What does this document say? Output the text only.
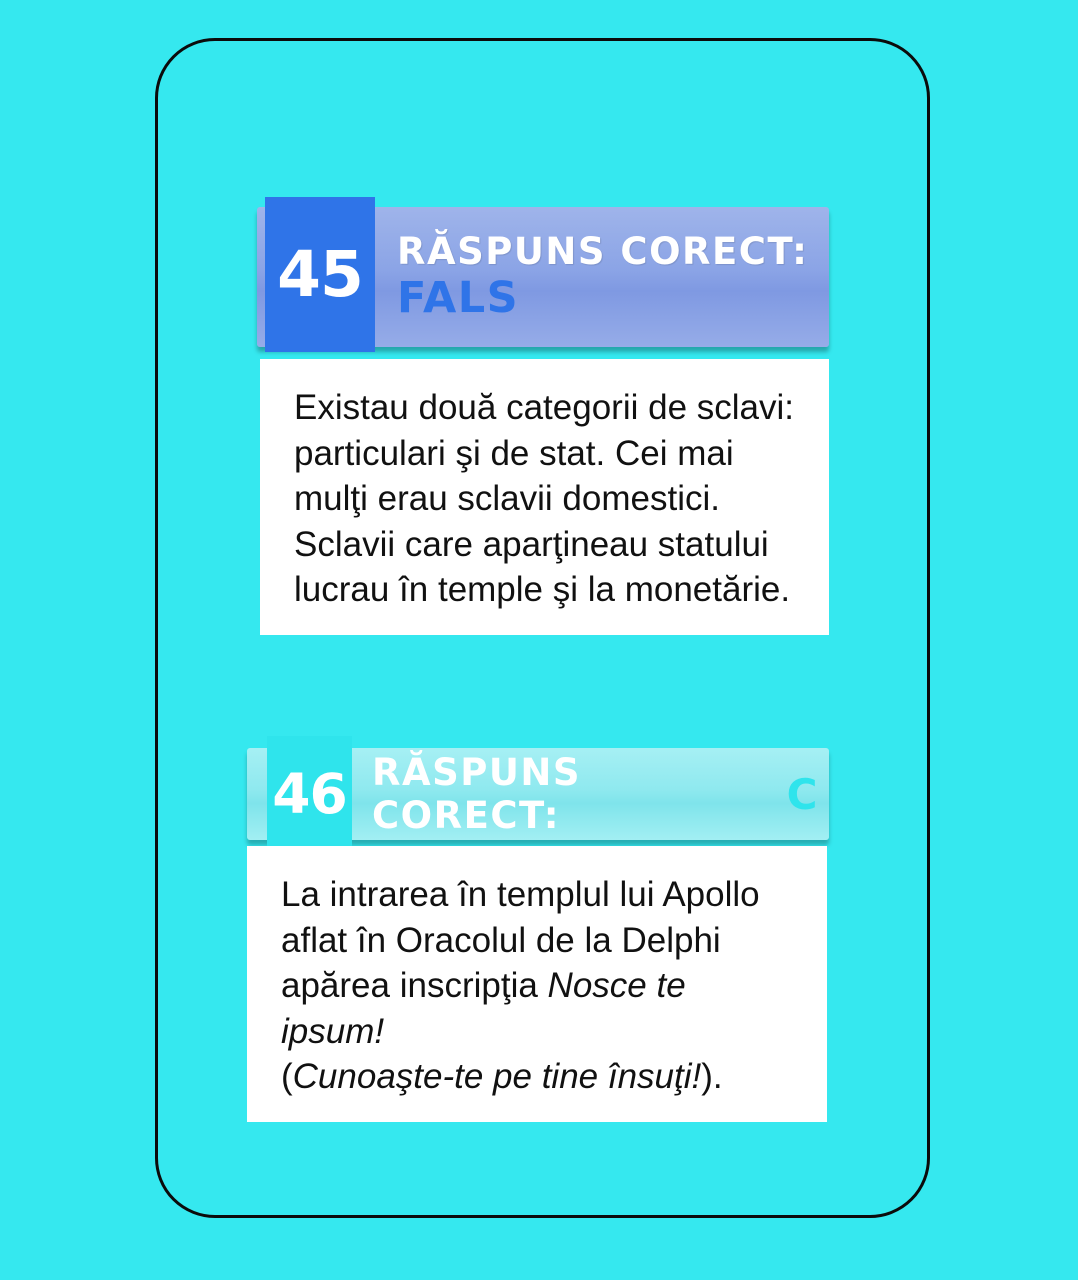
45 RĂSPUNS CORECT:
FALS

Existau două categorii de sclavi:

particulari şi de stat. Cei mai

mulţi erau sclavii domestici.

Sclavii care aparţineau statului

lucrau în temple şi la monetărie.

46 RĂSPUNS CORECT:	C

La intrarea în templul lui Apollo

aflat în Oracolul de la Delphi

apărea inscripţia Nosce te ipsum!

(Cunoaşte-te pe tine însuţi!).
